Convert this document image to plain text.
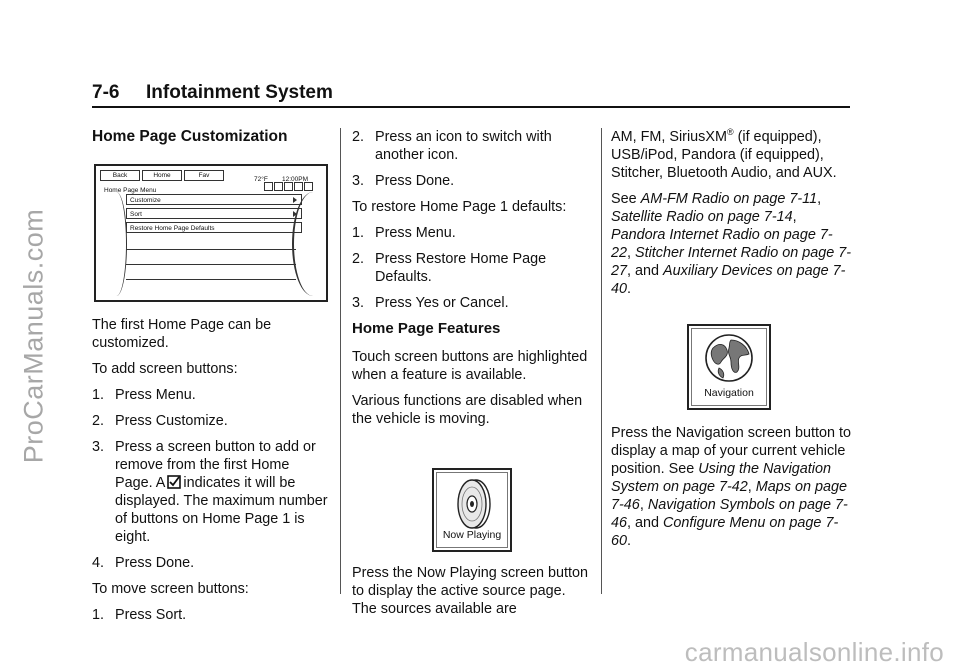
ProCarManuals.com
carmanualsonline.info
7-6 Infotainment System
Home Page Customization
Back	Home	Fav
72°F 12:00PM
Home Page Menu
Customize
Sort
Restore Home Page Defaults

The first Home Page can be customized.

To add screen buttons:

1. Press Menu.
2. Press Customize.
3. Press a screen button to add or remove from the first Home
Page. A indicates it will be
displayed. The maximum number of buttons on Home Page 1 is eight.
4. Press Done.

To move screen buttons:

1. Press Sort.
2. Press an icon to switch with another icon.
3. Press Done.

To restore Home Page 1 defaults:

1. Press Menu.
2. Press Restore Home Page Defaults.
3. Press Yes or Cancel.
Home Page Features

Touch screen buttons are highlighted when a feature is available.

Various functions are disabled when the vehicle is moving.

Now Playing

Press the Now Playing screen button to display the active source page. The sources available are

AM, FM, SiriusXM® (if equipped), USB/iPod, Pandora (if equipped), Stitcher, Bluetooth Audio, and AUX.

See AM-FM Radio on page 7-11, Satellite Radio on page 7-14, Pandora Internet Radio on page 7-22, Stitcher Internet Radio on page 7-27, and Auxiliary Devices on page 7-40.

Navigation

Press the Navigation screen button to display a map of your current vehicle position. See Using the Navigation System on page 7-42, Maps on page 7-46, Navigation Symbols on page 7-46, and Configure Menu on page 7-60.
